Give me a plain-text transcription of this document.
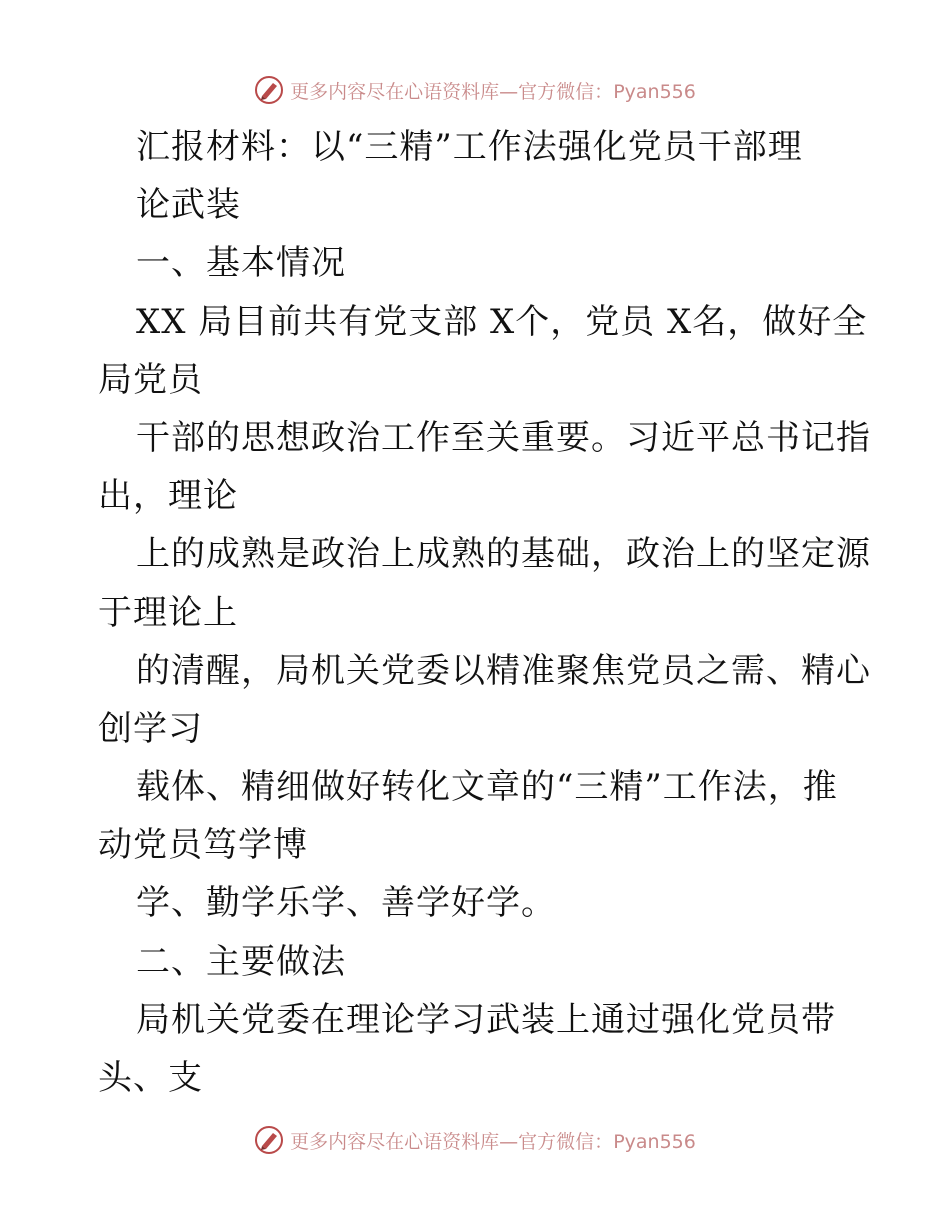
更多内容尽在心语资料库—官方微信：Pyan556
汇报材料：以“三精”工作法强化党员干部理
论武装
一、基本情况
XX 局目前共有党支部 X个，党员 X名，做好全
局党员
干部的思想政治工作至关重要。习近平总书记指
出，理论
上的成熟是政治上成熟的基础，政治上的坚定源
于理论上
的清醒，局机关党委以精准聚焦党员之需、精心
创学习
载体、精细做好转化文章的“三精”工作法，推
动党员笃学博
学、勤学乐学、善学好学。
二、主要做法
局机关党委在理论学习武装上通过强化党员带
头、支
更多内容尽在心语资料库—官方微信：Pyan556
